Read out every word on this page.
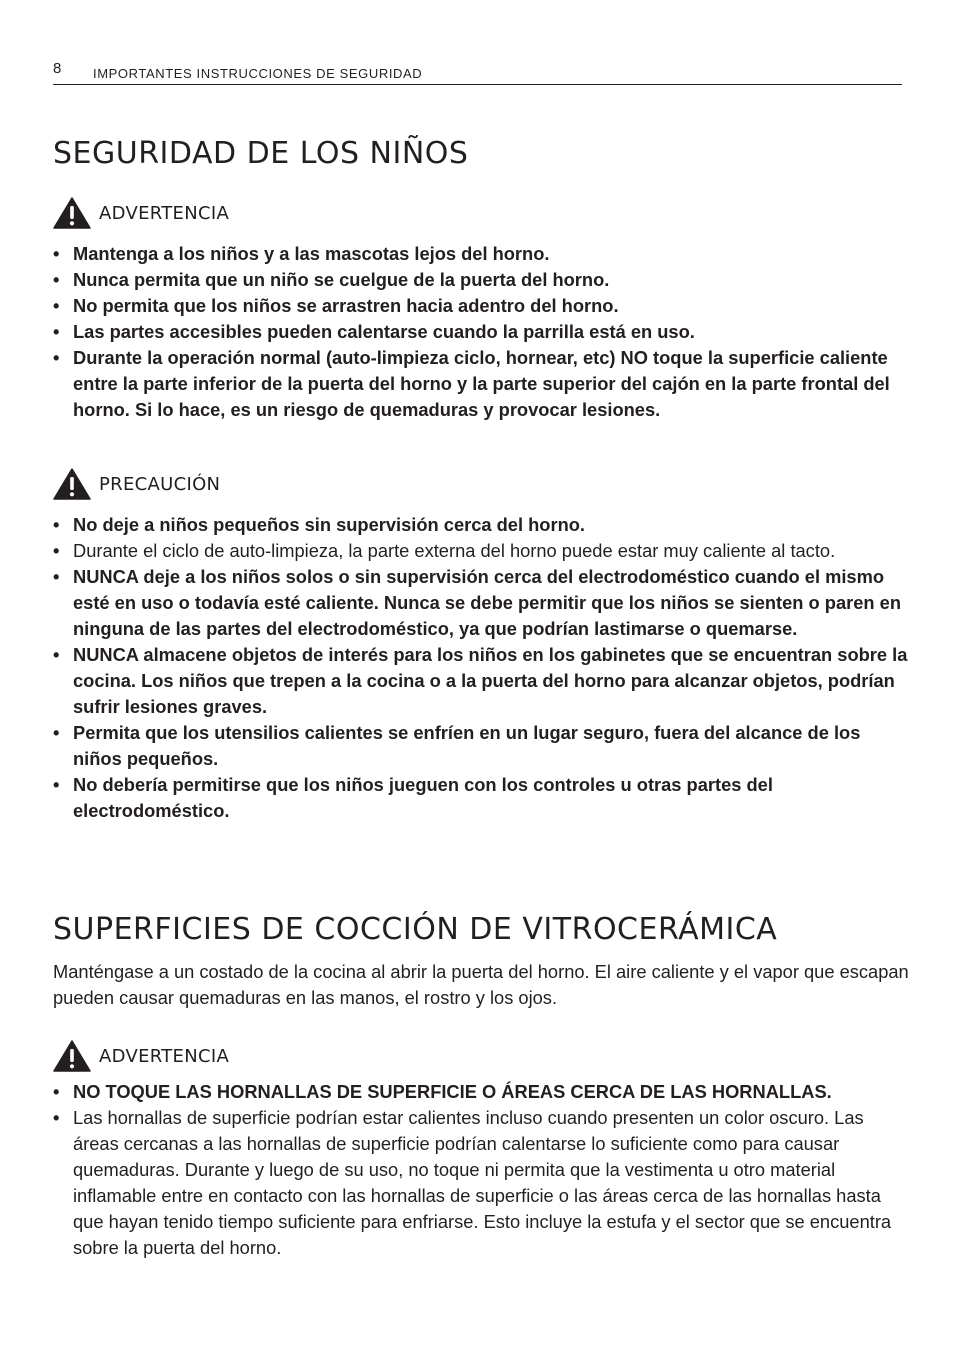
8 IMPORTANTES INSTRUCCIONES DE SEGURIDAD
SEGURIDAD DE LOS NIÑOS
ADVERTENCIA
• Mantenga a los niños y a las mascotas lejos del horno.
• Nunca permita que un niño se cuelgue de la puerta del horno.
• No permita que los niños se arrastren hacia adentro del horno.
• Las partes accesibles pueden calentarse cuando la parrilla está en uso.
• Durante la operación normal (auto-limpieza ciclo, hornear, etc) NO toque la superficie caliente entre la parte inferior de la puerta del horno y la parte superior del cajón en la parte frontal del horno. Si lo hace, es un riesgo de quemaduras y provocar lesiones.
PRECAUCIÓN
• No deje a niños pequeños sin supervisión cerca del horno.
• Durante el ciclo de auto-limpieza, la parte externa del horno puede estar muy caliente al tacto.
• NUNCA deje a los niños solos o sin supervisión cerca del electrodoméstico cuando el mismo esté en uso o todavía esté caliente. Nunca se debe permitir que los niños se sienten o paren en ninguna de las partes del electrodoméstico, ya que podrían lastimarse o quemarse.
• NUNCA almacene objetos de interés para los niños en los gabinetes que se encuentran sobre la cocina. Los niños que trepen a la cocina o a la puerta del horno para alcanzar objetos, podrían sufrir lesiones graves.
• Permita que los utensilios calientes se enfríen en un lugar seguro, fuera del alcance de los niños pequeños.
• No debería permitirse que los niños jueguen con los controles u otras partes del electrodoméstico.
SUPERFICIES DE COCCIÓN DE VITROCERÁMICA

Manténgase a un costado de la cocina al abrir la puerta del horno. El aire caliente y el vapor que escapan pueden causar quemaduras en las manos, el rostro y los ojos.

ADVERTENCIA
• NO TOQUE LAS HORNALLAS DE SUPERFICIE O ÁREAS CERCA DE LAS HORNALLAS.
• Las hornallas de superficie podrían estar calientes incluso cuando presenten un color oscuro. Las áreas cercanas a las hornallas de superficie podrían calentarse lo suficiente como para causar quemaduras. Durante y luego de su uso, no toque ni permita que la vestimenta u otro material inflamable entre en contacto con las hornallas de superficie o las áreas cerca de las hornallas hasta que hayan tenido tiempo suficiente para enfriarse. Esto incluye la estufa y el sector que se encuentra sobre la puerta del horno.
